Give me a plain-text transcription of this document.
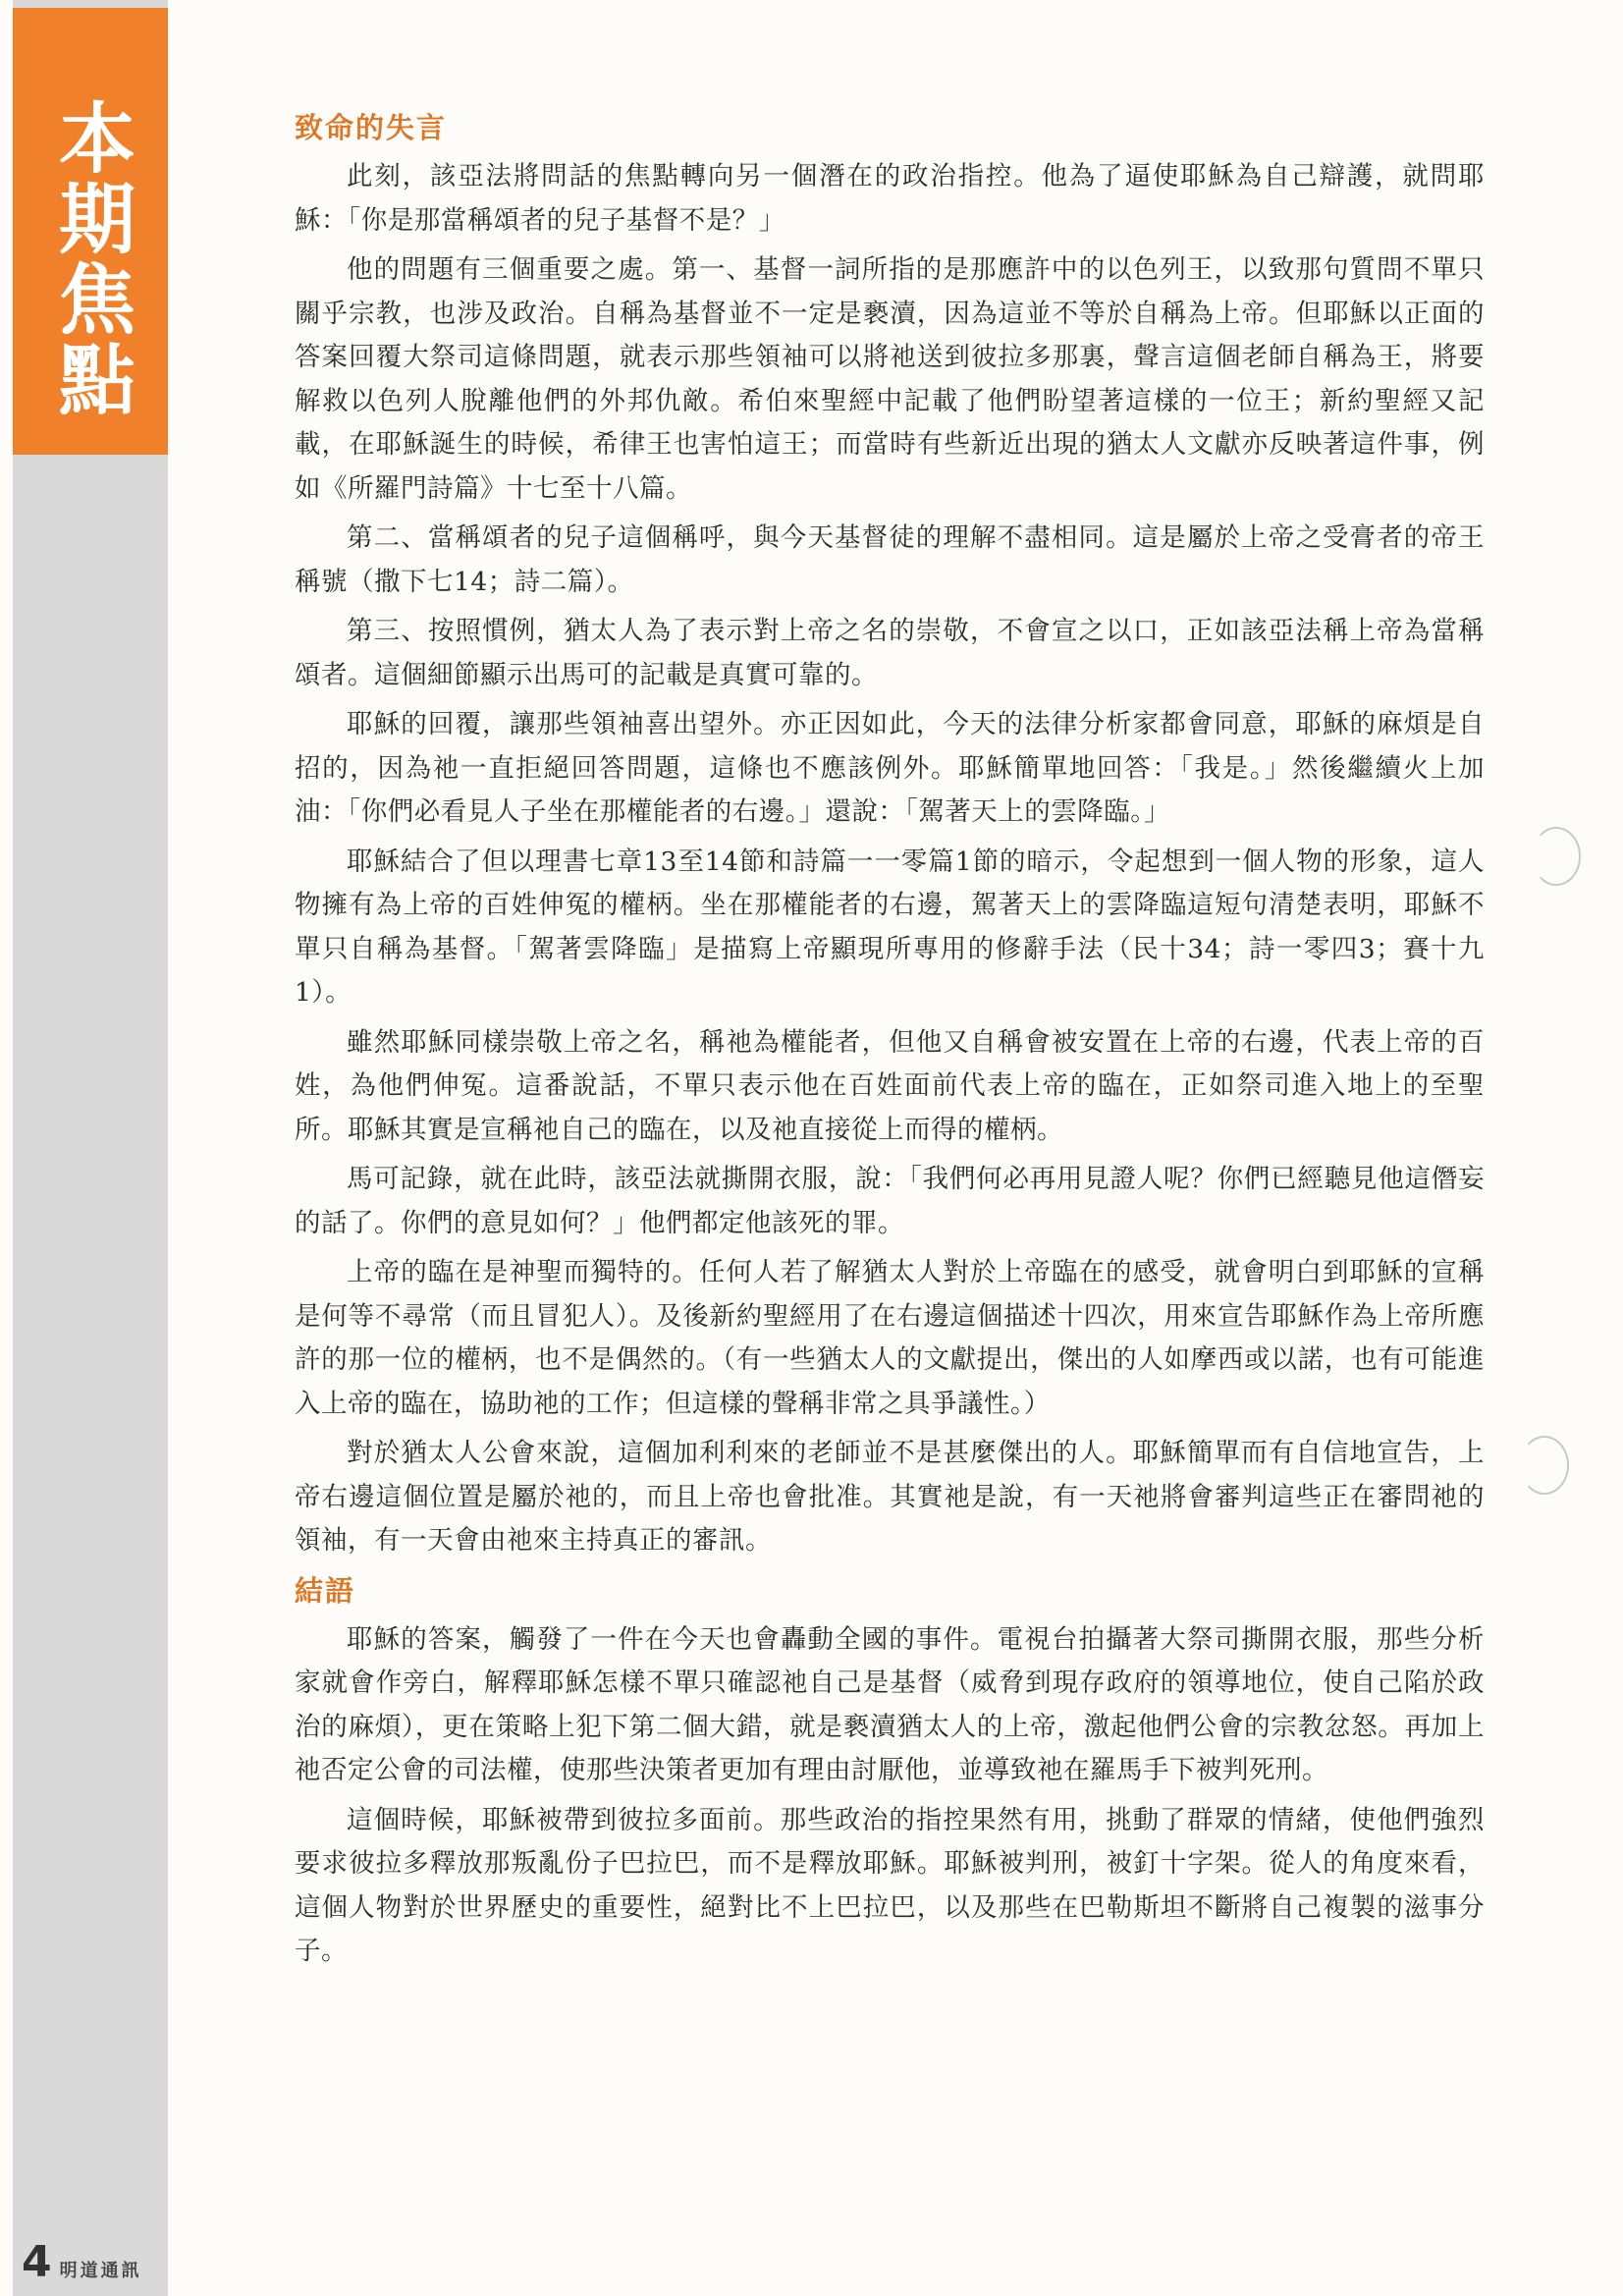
本期焦點
4 明道通訊
致命的失言

此刻，該亞法將問話的焦點轉向另一個潛在的政治指控。他為了逼使耶穌為自己辯護，就問耶穌：「你是那當稱頌者的兒子基督不是？」

他的問題有三個重要之處。第一、基督一詞所指的是那應許中的以色列王，以致那句質問不單只關乎宗教，也涉及政治。自稱為基督並不一定是褻瀆，因為這並不等於自稱為上帝。但耶穌以正面的答案回覆大祭司這條問題，就表示那些領袖可以將祂送到彼拉多那裏，聲言這個老師自稱為王，將要解救以色列人脫離他們的外邦仇敵。希伯來聖經中記載了他們盼望著這樣的一位王；新約聖經又記載，在耶穌誕生的時候，希律王也害怕這王；而當時有些新近出現的猶太人文獻亦反映著這件事，例如《所羅門詩篇》十七至十八篇。

第二、當稱頌者的兒子這個稱呼，與今天基督徒的理解不盡相同。這是屬於上帝之受膏者的帝王稱號（撒下七14；詩二篇）。

第三、按照慣例，猶太人為了表示對上帝之名的崇敬，不會宣之以口，正如該亞法稱上帝為當稱頌者。這個細節顯示出馬可的記載是真實可靠的。

耶穌的回覆，讓那些領袖喜出望外。亦正因如此，今天的法律分析家都會同意，耶穌的麻煩是自招的，因為祂一直拒絕回答問題，這條也不應該例外。耶穌簡單地回答：「我是。」然後繼續火上加油：「你們必看見人子坐在那權能者的右邊。」還說：「駕著天上的雲降臨。」

耶穌結合了但以理書七章13至14節和詩篇一一零篇1節的暗示，令起想到一個人物的形象，這人物擁有為上帝的百姓伸冤的權柄。坐在那權能者的右邊，駕著天上的雲降臨這短句清楚表明，耶穌不單只自稱為基督。「駕著雲降臨」是描寫上帝顯現所專用的修辭手法（民十34；詩一零四3；賽十九1）。

雖然耶穌同樣崇敬上帝之名，稱祂為權能者，但他又自稱會被安置在上帝的右邊，代表上帝的百姓，為他們伸冤。這番說話，不單只表示他在百姓面前代表上帝的臨在，正如祭司進入地上的至聖所。耶穌其實是宣稱祂自己的臨在，以及祂直接從上而得的權柄。

馬可記錄，就在此時，該亞法就撕開衣服，說：「我們何必再用見證人呢？你們已經聽見他這僭妄的話了。你們的意見如何？」他們都定他該死的罪。

上帝的臨在是神聖而獨特的。任何人若了解猶太人對於上帝臨在的感受，就會明白到耶穌的宣稱是何等不尋常（而且冒犯人）。及後新約聖經用了在右邊這個描述十四次，用來宣告耶穌作為上帝所應許的那一位的權柄，也不是偶然的。（有一些猶太人的文獻提出，傑出的人如摩西或以諾，也有可能進入上帝的臨在，協助祂的工作；但這樣的聲稱非常之具爭議性。）

對於猶太人公會來說，這個加利利來的老師並不是甚麼傑出的人。耶穌簡單而有自信地宣告，上帝右邊這個位置是屬於祂的，而且上帝也會批准。其實祂是說，有一天祂將會審判這些正在審問祂的領袖，有一天會由祂來主持真正的審訊。

結語

耶穌的答案，觸發了一件在今天也會轟動全國的事件。電視台拍攝著大祭司撕開衣服，那些分析家就會作旁白，解釋耶穌怎樣不單只確認祂自己是基督（威脅到現存政府的領導地位，使自己陷於政治的麻煩），更在策略上犯下第二個大錯，就是褻瀆猶太人的上帝，激起他們公會的宗教忿怒。再加上祂否定公會的司法權，使那些決策者更加有理由討厭他，並導致祂在羅馬手下被判死刑。

這個時候，耶穌被帶到彼拉多面前。那些政治的指控果然有用，挑動了群眾的情緒，使他們強烈要求彼拉多釋放那叛亂份子巴拉巴，而不是釋放耶穌。耶穌被判刑，被釘十字架。從人的角度來看，這個人物對於世界歷史的重要性，絕對比不上巴拉巴，以及那些在巴勒斯坦不斷將自己複製的滋事分子。
